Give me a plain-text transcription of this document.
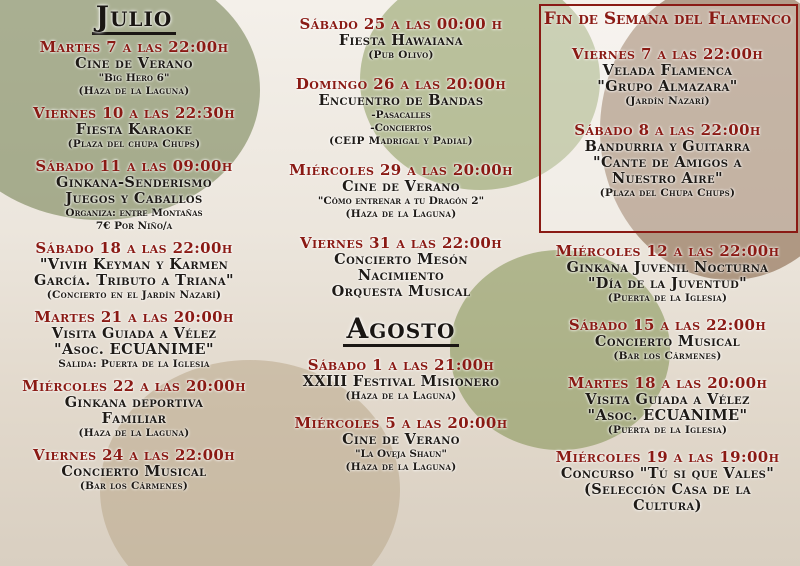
Julio
Martes 7 a las 22:00h
Cine de Verano
"Big Hero 6"
(Haza de la Laguna)
Viernes 10 a las 22:30h
Fiesta Karaoke
(Plaza del chupa Chups)
Sábado 11 a las 09:00h
Ginkana-Senderismo
Juegos y Caballos
Organiza: entre Montañas
7€ Por Niño/a
Sábado 18 a las 22:00h
"Vivih Keyman y Karmen
García. Tributo a Triana"
(Concierto en el Jardín Nazarí)
Martes 21 a las 20:00h
Visita Guiada a Vélez
"Asoc. ECUANIME"
Salida: Puerta de la Iglesia
Miércoles 22 a las 20:00h
Ginkana deportiva
Familiar
(Haza de la Laguna)
Viernes 24 a las 22:00h
Concierto Musical
(Bar los Cármenes)
Sábado 25 a las 00:00 h
Fiesta Hawaiana
(Pub Olivo)
Domingo 26 a las 20:00h
Encuentro de Bandas
-Pasacalles
-Conciertos
(CEIP Madrigal y Padial)
Miércoles 29 a las 20:00h
Cine de Verano
"Cómo entrenar a tu Dragón 2"
(Haza de la Laguna)
Viernes 31 a las 22:00h
Concierto Mesón
Nacimiento
Orquesta Musical
Agosto
Sábado 1 a las 21:00h
XXIII Festival Misionero
(Haza de la Laguna)
Miércoles 5 a las 20:00h
Cine de Verano
"La Oveja Shaun"
(Haza de la Laguna)
Fin de Semana del Flamenco
Viernes 7 a las 22:00h
Velada Flamenca
"Grupo Almazara"
(Jardín Nazarí)
Sábado 8 a las 22:00h
Bandurria y Guitarra
"Cante de Amigos a
Nuestro Aire"
(Plaza del Chupa Chups)
Miércoles 12 a las 22:00h
Ginkana Juvenil Nocturna
"Día de la Juventud"
(Puerta de la Iglesia)
Sábado 15 a las 22:00h
Concierto Musical
(Bar los Cármenes)
Martes 18 a las 20:00h
Visita Guiada a Vélez
"Asoc. ECUANIME"
(Puerta de la Iglesia)
Miércoles 19 a las 19:00h
Concurso "Tú si que Vales"
(Selección Casa de la
Cultura)
